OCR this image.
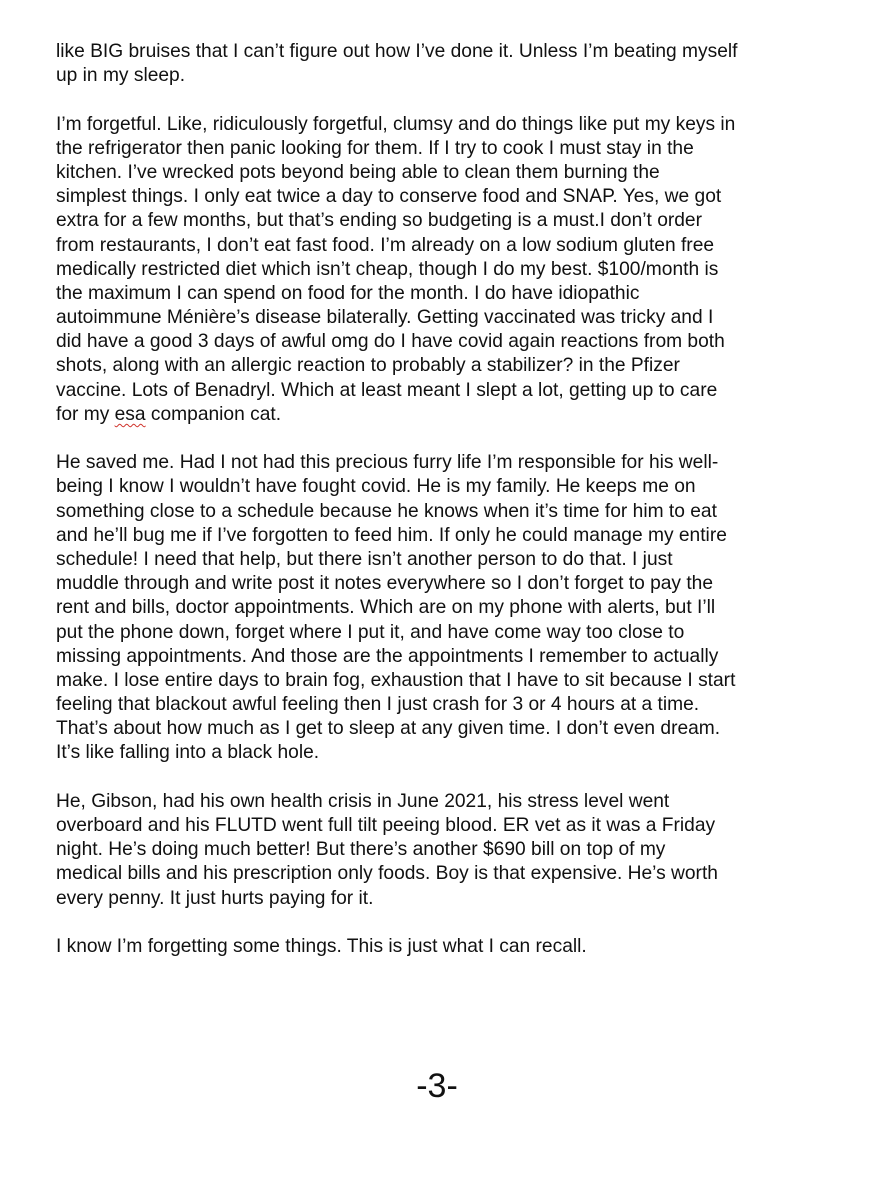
like BIG bruises that I can’t figure out how I’ve done it. Unless I’m beating myself
up in my sleep.
I’m forgetful. Like, ridiculously forgetful, clumsy and do things like put my keys in
the refrigerator then panic looking for them. If I try to cook I must stay in the
kitchen. I’ve wrecked pots beyond being able to clean them burning the
simplest things. I only eat twice a day to conserve food and SNAP. Yes, we got
extra for a few months, but that’s ending so budgeting is a must.I don’t order
from restaurants, I don’t eat fast food. I’m already on a low sodium gluten free
medically restricted diet which isn’t cheap, though I do my best. $100/month is
the maximum I can spend on food for the month. I do have idiopathic
autoimmune Ménière’s disease bilaterally. Getting vaccinated was tricky and I
did have a good 3 days of awful omg do I have covid again reactions from both
shots, along with an allergic reaction to probably a stabilizer? in the Pfizer
vaccine. Lots of Benadryl. Which at least meant I slept a lot, getting up to care
for my esa companion cat.
He saved me. Had I not had this precious furry life I’m responsible for his well-
being I know I wouldn’t have fought covid. He is my family. He keeps me on
something close to a schedule because he knows when it’s time for him to eat
and he’ll bug me if I’ve forgotten to feed him. If only he could manage my entire
schedule! I need that help, but there isn’t another person to do that. I just
muddle through and write post it notes everywhere so I don’t forget to pay the
rent and bills, doctor appointments. Which are on my phone with alerts, but I’ll
put the phone down, forget where I put it, and have come way too close to
missing appointments. And those are the appointments I remember to actually
make. I lose entire days to brain fog, exhaustion that I have to sit because I start
feeling that blackout awful feeling then I just crash for 3 or 4 hours at a time.
That’s about how much as I get to sleep at any given time. I don’t even dream.
It’s like falling into a black hole.
He, Gibson, had his own health crisis in June 2021, his stress level went
overboard and his FLUTD went full tilt peeing blood. ER vet as it was a Friday
night. He’s doing much better! But there’s another $690 bill on top of my
medical bills and his prescription only foods. Boy is that expensive. He’s worth
every penny. It just hurts paying for it.
I know I’m forgetting some things. This is just what I can recall.
-3-
